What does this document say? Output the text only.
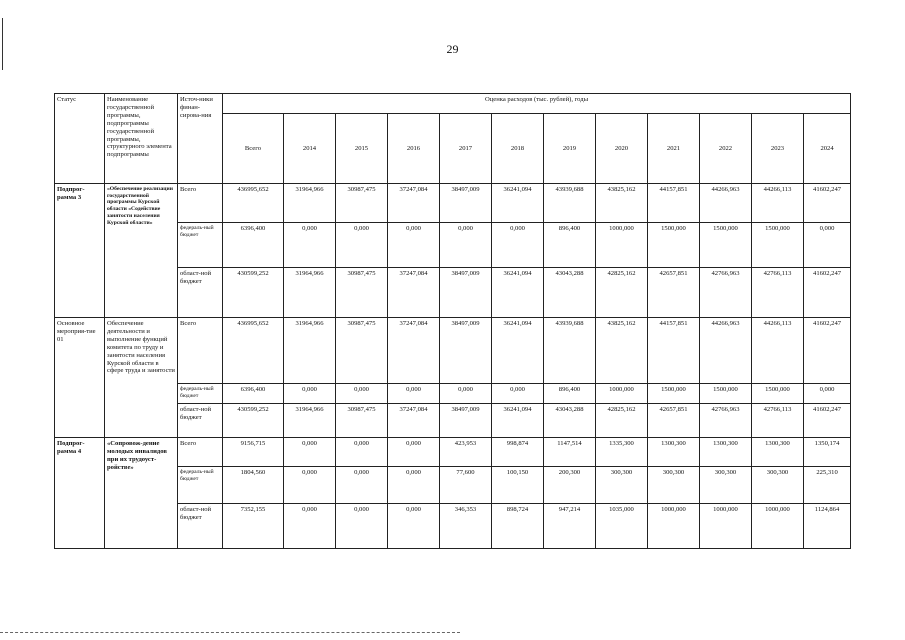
29
Статус	Наименование государственной программы, подпрограммы государственной программы, структурного элемента подпрограммы	Источ-ники финан-сирова-ния	Оценка расходов (тыс. рублей), годы											
			Всего	2014	2015	2016	2017	2018	2019	2020	2021	2022	2023	2024
Подпрог-рамма 3	«Обеспечение реализации государственной программы Курской области «Содействие занятости населения Курской области»	Всего	436995,652	31964,966	30987,475	37247,084	38497,009	36241,094	43939,688	43825,162	44157,851	44266,963	44266,113	41602,247
		федераль-ный бюджет	6396,400	0,000	0,000	0,000	0,000	0,000	896,400	1000,000	1500,000	1500,000	1500,000	0,000
		област-ной бюджет	430599,252	31964,966	30987,475	37247,084	38497,009	36241,094	43043,288	42825,162	42657,851	42766,963	42766,113	41602,247
Основное мероприя-тие 01	Обеспечение деятельности и выполнение функций комитета по труду и занятости населения Курской области в сфере труда и занятости	Всего	436995,652	31964,966	30987,475	37247,084	38497,009	36241,094	43939,688	43825,162	44157,851	44266,963	44266,113	41602,247
		федераль-ный бюджет	6396,400	0,000	0,000	0,000	0,000	0,000	896,400	1000,000	1500,000	1500,000	1500,000	0,000
		област-ной бюджет	430599,252	31964,966	30987,475	37247,084	38497,009	36241,094	43043,288	42825,162	42657,851	42766,963	42766,113	41602,247
Подпрог-рамма 4	«Сопровож-дение молодых инвалидов при их трудоуст-ройстве»	Всего	9156,715	0,000	0,000	0,000	423,953	998,874	1147,514	1335,300	1300,300	1300,300	1300,300	1350,174
		федераль-ный бюджет	1804,560	0,000	0,000	0,000	77,600	100,150	200,300	300,300	300,300	300,300	300,300	225,310
		област-ной бюджет	7352,155	0,000	0,000	0,000	346,353	898,724	947,214	1035,000	1000,000	1000,000	1000,000	1124,864
